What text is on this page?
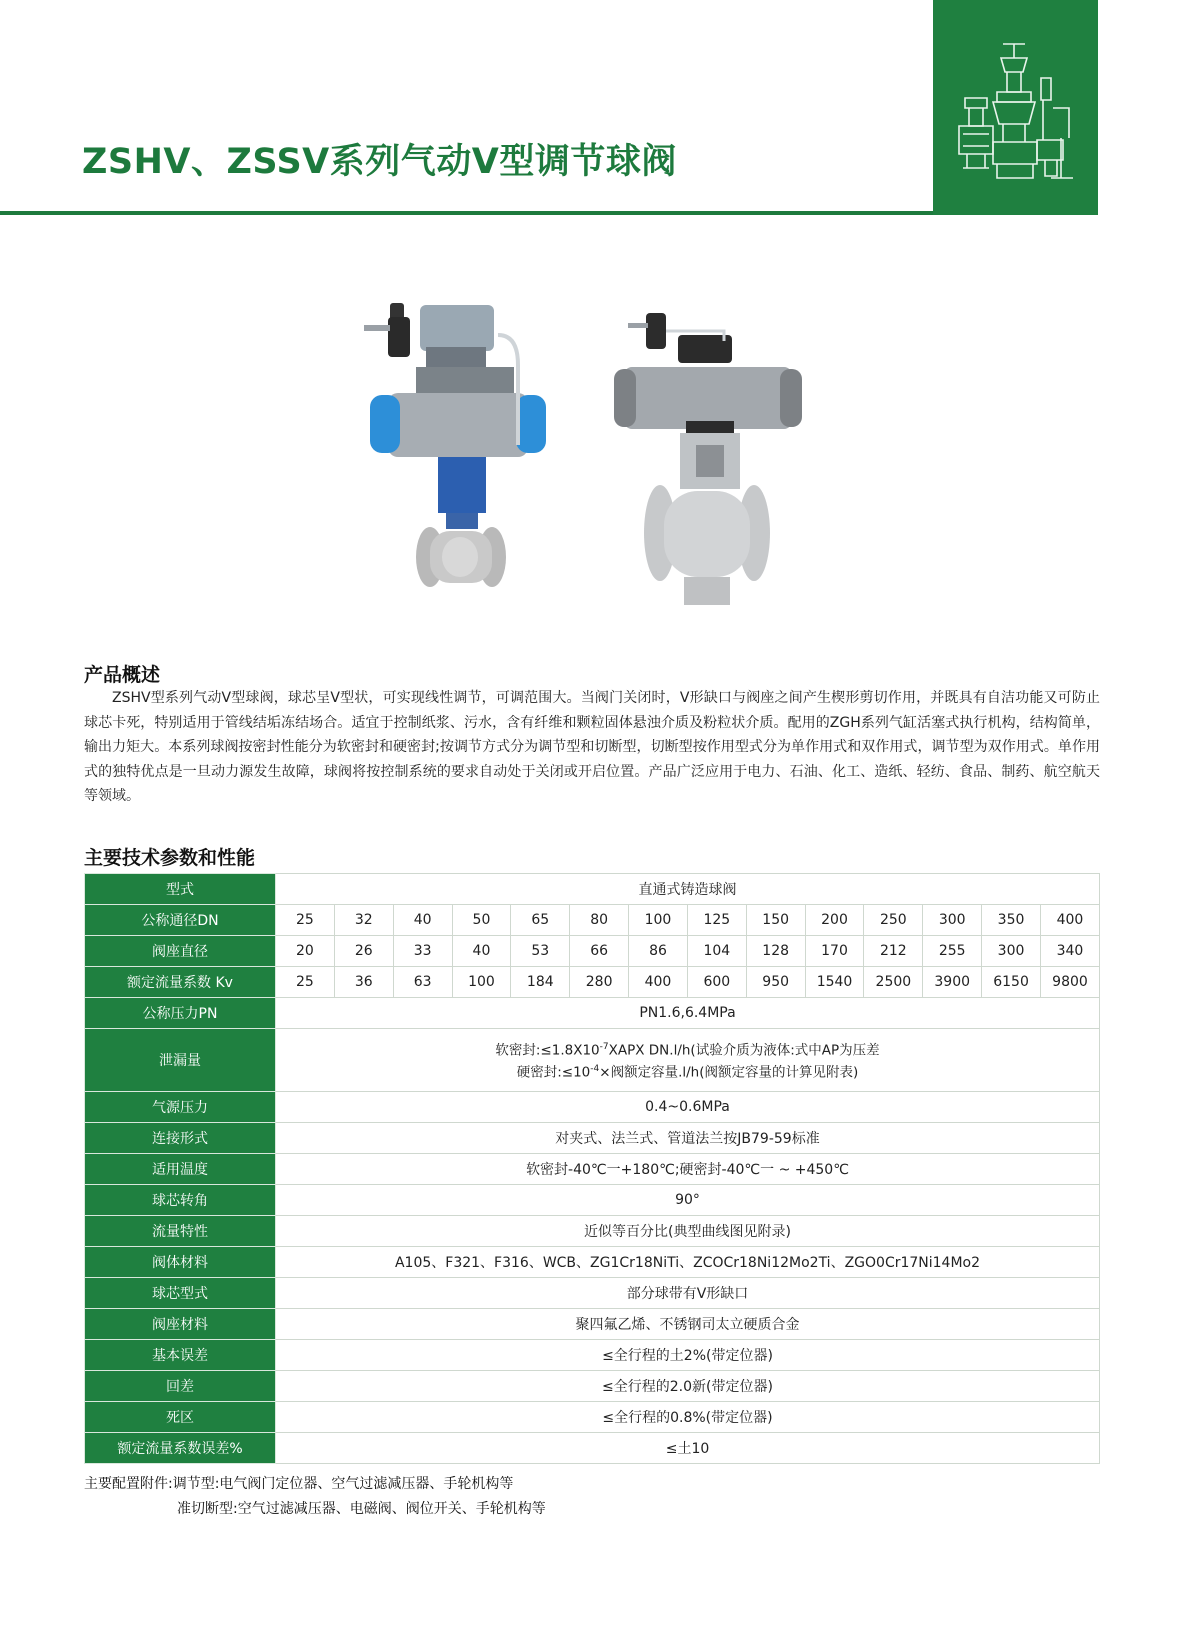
ZSHV、ZSSV系列气动V型调节球阀
产品概述

ZSHV型系列气动V型球阀，球芯呈V型状，可实现线性调节，可调范围大。当阀门关闭时，V形缺口与阀座之间产生楔形剪切作用，并既具有自洁功能又可防止球芯卡死，特别适用于管线结垢冻结场合。适宜于控制纸浆、污水，含有纤维和颗粒固体悬浊介质及粉粒状介质。配用的ZGH系列气缸活塞式执行机构，结构简单，输出力矩大。本系列球阀按密封性能分为软密封和硬密封;按调节方式分为调节型和切断型，切断型按作用型式分为单作用式和双作用式，调节型为双作用式。单作用式的独特优点是一旦动力源发生故障，球阀将按控制系统的要求自动处于关闭或开启位置。产品广泛应用于电力、石油、化工、造纸、轻纺、食品、制药、航空航天等领域。

主要技术参数和性能
型式	直通式铸造球阀													
公称通径DN	25	32	40	50	65	80	100	125	150	200	250	300	350	400
阀座直径	20	26	33	40	53	66	86	104	128	170	212	255	300	340
额定流量系数 Kv	25	36	63	100	184	280	400	600	950	1540	2500	3900	6150	9800
公称压力PN	PN1.6,6.4MPa													
泄漏量	软密封$:\le 1.8X10^{-7}XAPX$ DN.l/h(试验介质为液体:式中AP为压差
硬密封$:\le 10^{-4}\times$阀额定容量.l/h(阀额定容量的计算见附表)													

气源压力	0.4~0.6MPa													
连接形式	对夹式、法兰式、管道法兰按JB79-59标准													
适用温度	软密封-40℃一+180℃;硬密封-40℃一 ~ +450℃													
球芯转角	90°													
流量特性	近似等百分比(典型曲线图见附录)													
阀体材料	A105、F321、F316、WCB、ZG1Cr18NiTi、ZCOCr18Ni12Mo2Ti、ZGO0Cr17Ni14Mo2													
球芯型式	部分球带有V形缺口													
阀座材料	聚四氟乙烯、不锈钢司太立硬质合金													
基本误差	≤全行程的土2%(带定位器)													
回差	≤全行程的2.0新(带定位器)													
死区	≤全行程的0.8%(带定位器)													
额定流量系数误差%	≤土10													

主要配置附件:调节型:电气阀门定位器、空气过滤减压器、手轮机构等
准切断型:空气过滤减压器、电磁阀、阀位开关、手轮机构等
